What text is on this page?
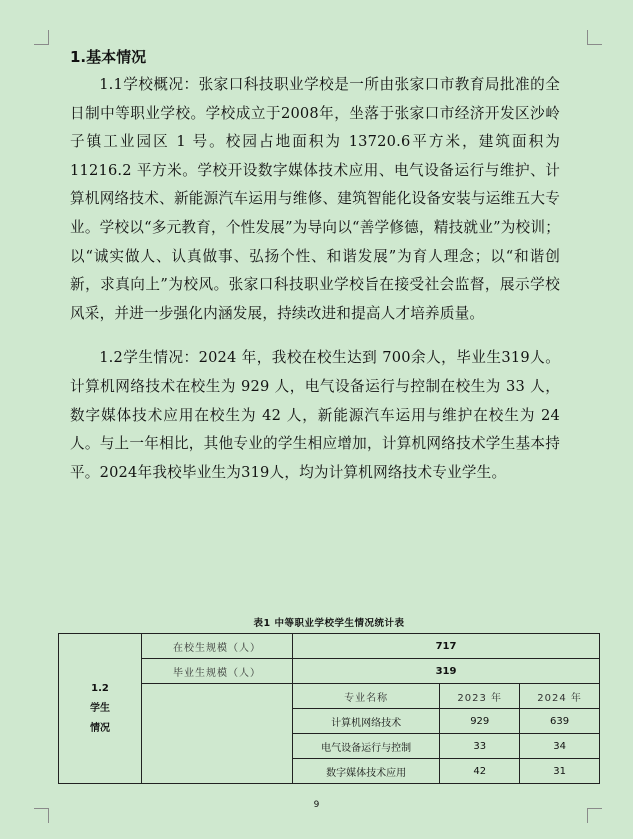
1.基本情况

1.1学校概况：张家口科技职业学校是一所由张家口市教育局批准的全日制中等职业学校。学校成立于2008年，坐落于张家口市经济开发区沙岭子镇工业园区 1 号。校园占地面积为 13720.6平方米，建筑面积为 11216.2 平方米。学校开设数字媒体技术应用、电气设备运行与维护、计算机网络技术、新能源汽车运用与维修、建筑智能化设备安装与运维五大专业。学校以“多元教育，个性发展”为导向以“善学修德，精技就业”为校训；以“诚实做人、认真做事、弘扬个性、和谐发展”为育人理念；以“和谐创新，求真向上”为校风。张家口科技职业学校旨在接受社会监督，展示学校风采，并进一步强化内涵发展，持续改进和提高人才培养质量。

1.2学生情况：2024 年，我校在校生达到 700余人，毕业生319人。计算机网络技术在校生为 929 人，电气设备运行与控制在校生为 33 人，数字媒体技术应用在校生为 42 人，新能源汽车运用与维护在校生为 24 人。与上一年相比，其他专业的学生相应增加，计算机网络技术学生基本持平。2024年我校毕业生为319人，均为计算机网络技术专业学生。

表1 中等职业学校学生情况统计表
1.2
学生
情况	在校生规模（人）	717		
	毕业生规模（人）	319		
		专业名称	2023 年	2024 年
		计算机网络技术	929	639
		电气设备运行与控制	33	34
		数字媒体技术应用	42	31
9
